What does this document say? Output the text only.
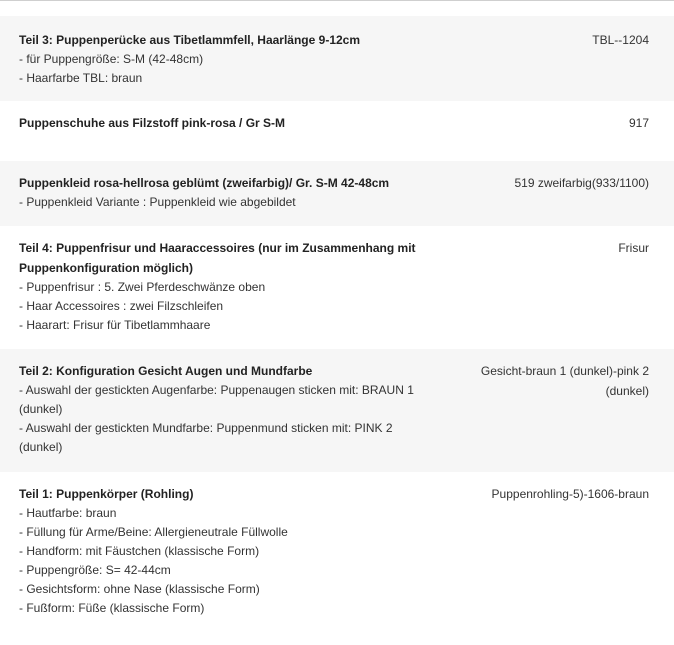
Teil 3: Puppenperücke aus Tibetlammfell, Haarlänge 9-12cm
- für Puppengröße: S-M (42-48cm)
- Haarfarbe TBL: braun
TBL--1204
Puppenschuhe aus Filzstoff pink-rosa / Gr S-M	917
Puppenkleid rosa-hellrosa geblümt (zweifarbig)/ Gr. S-M 42-48cm
- Puppenkleid Variante : Puppenkleid wie abgebildet
519 zweifarbig(933/1100)
Teil 4: Puppenfrisur und Haaraccessoires (nur im Zusammenhang mit Puppenkonfiguration möglich)
- Puppenfrisur : 5. Zwei Pferdeschwänze oben
- Haar Accessoires : zwei Filzschleifen
- Haarart: Frisur für Tibetlammhaare
Frisur
Teil 2: Konfiguration Gesicht Augen und Mundfarbe
- Auswahl der gestickten Augenfarbe: Puppenaugen sticken mit: BRAUN 1 (dunkel)
- Auswahl der gestickten Mundfarbe: Puppenmund sticken mit: PINK 2 (dunkel)
Gesicht-braun 1 (dunkel)-pink 2 (dunkel)
Teil 1: Puppenkörper (Rohling)
- Hautfarbe: braun
- Füllung für Arme/Beine: Allergieneutrale Füllwolle
- Handform: mit Fäustchen (klassische Form)
- Puppengröße: S= 42-44cm
- Gesichtsform: ohne Nase (klassische Form)
- Fußform: Füße (klassische Form)
Puppenrohling-5)-1606-braun
